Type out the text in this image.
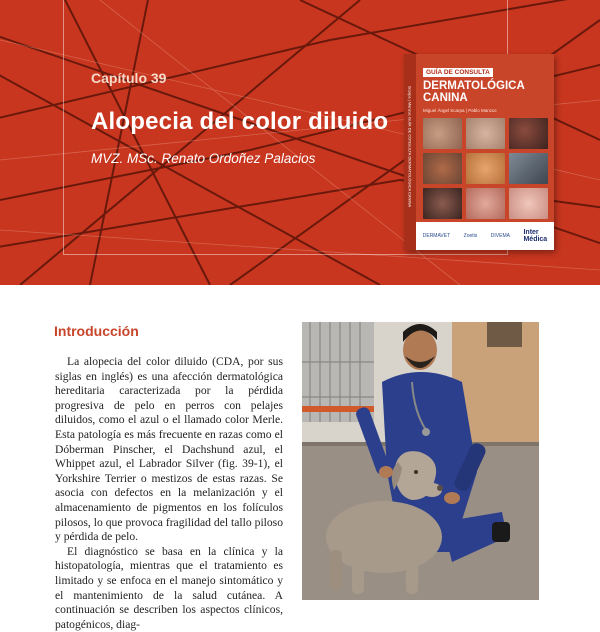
Capítulo 39
Alopecia del color diluido
MVZ. MSc. Renato Ordoñez Palacios	Scarpa | Manzuc GUÍA DE CONSULTA DERMATOLÓGICA CANINA
GUÍA DE CONSULTA
DERMATOLÓGICA
CANINA
Miguel Ángel Scarpa | Pablo Manzuc
DERMAVET	Zoetis	DIVEMA Inter
Médica
Introducción

La alopecia del color diluido (CDA, por sus siglas en inglés) es una afección dermatológica hereditaria caracterizada por la pérdida progresiva de pelo en perros con pelajes diluidos, como el azul o el llamado color Merle. Esta patología es más frecuente en razas como el Dóberman Pinscher, el Dachshund azul, el Whippet azul, el Labrador Silver (fig. 39-1), el Yorkshire Terrier o mestizos de estas razas. Se asocia con defectos en la melanización y el almacenamiento de pigmentos en los folículos pilosos, lo que provoca fragilidad del tallo piloso y pérdida de pelo.

El diagnóstico se basa en la clínica y la histopatología, mientras que el tratamiento es limitado y se enfoca en el manejo sintomático y el mantenimiento de la salud cutánea. A continuación se describen los aspectos clínicos, patogénicos, diag-
